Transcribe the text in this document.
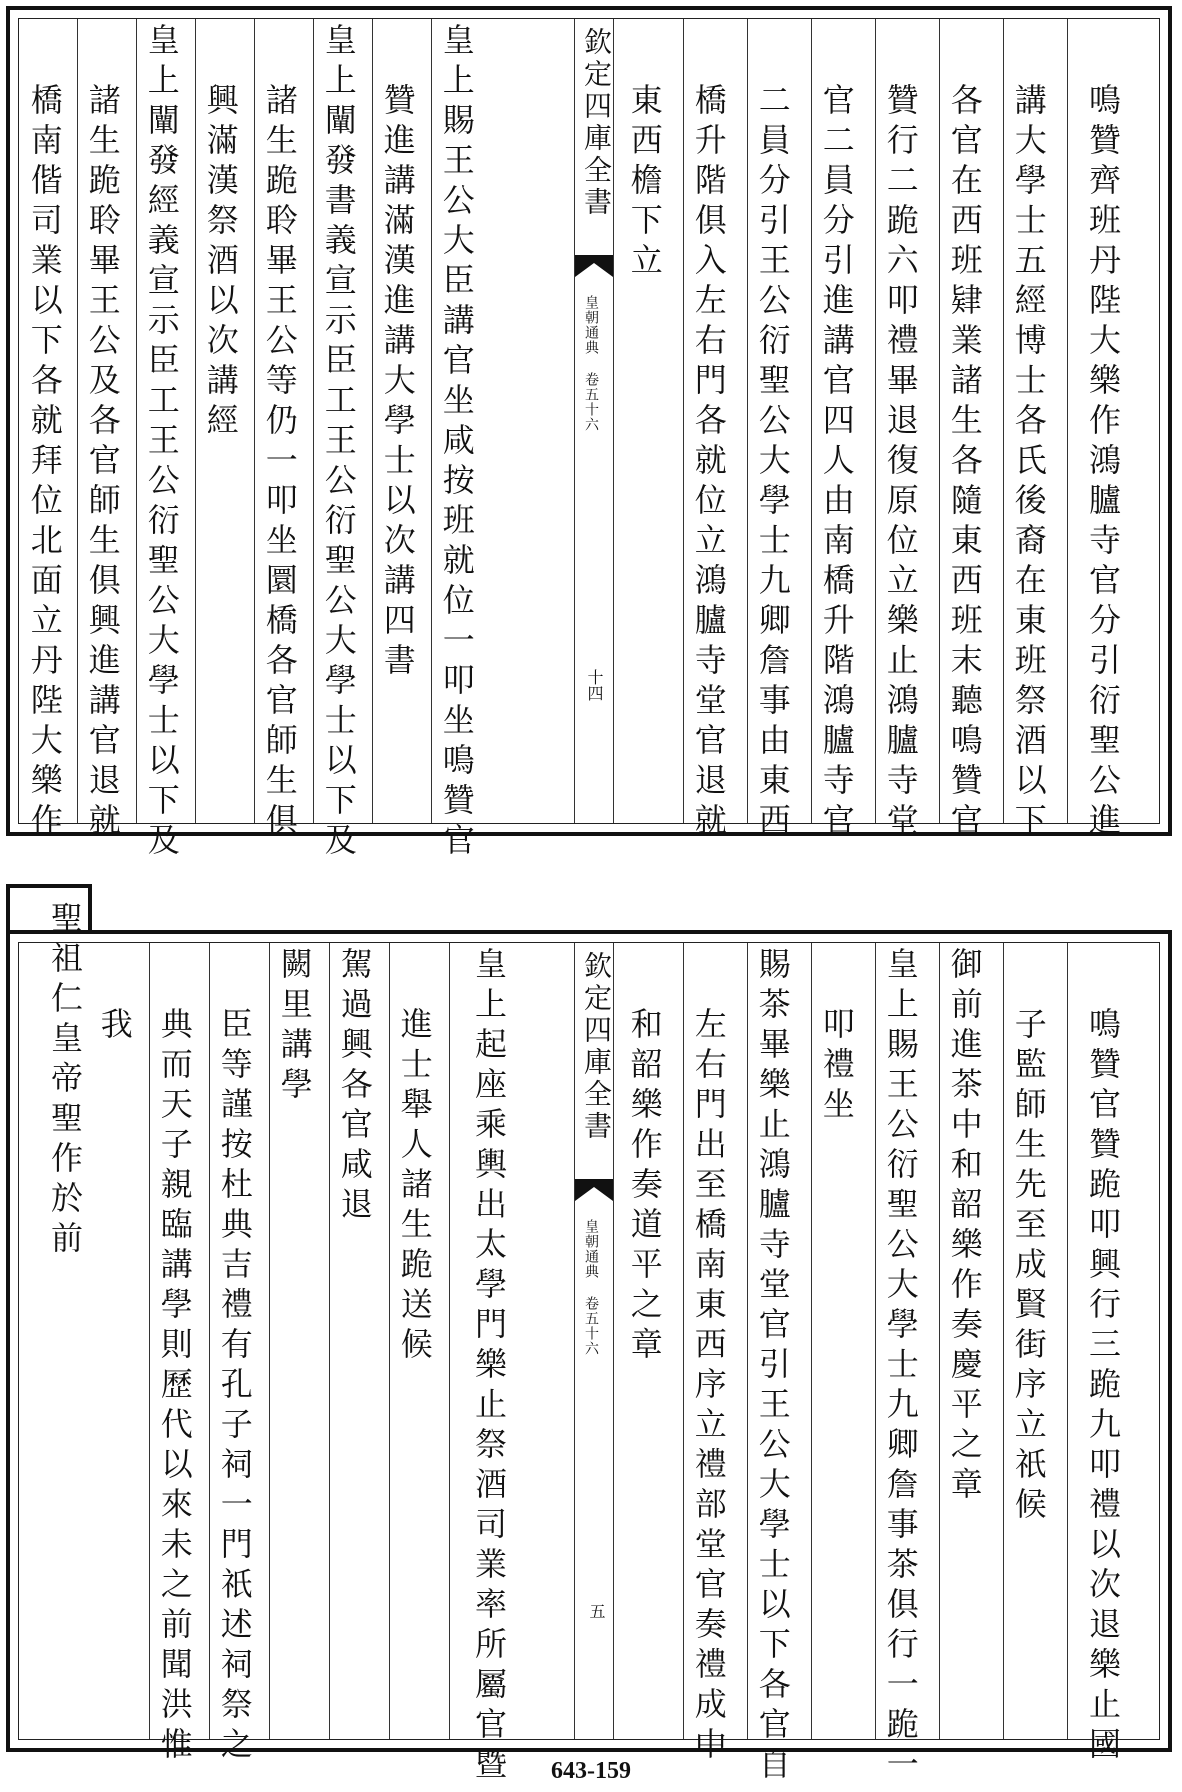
橋南偕司業以下各就拜位北面立丹陛大樂作 諸生跪聆畢王公及各官師生俱興進講官退就 皇上闡發經義宣示臣工王公衍聖公大學士以下及 興滿漢祭酒以次講經 諸生跪聆畢王公等仍一叩坐圜橋各官師生俱 皇上闡發書義宣示臣工王公衍聖公大學士以下及 贊進講滿漢進講大學士以次講四書 皇上賜王公大臣講官坐咸按班就位一叩坐鳴贊官	欽定四庫全書
皇朝通典 卷五十六
十四
東西檐下立 橋升階俱入左右門各就位立鴻臚寺堂官退就 二員分引王公衍聖公大學士九卿詹事由東西 官二員分引進講官四人由南橋升階鴻臚寺官 贊行二跪六叩禮畢退復原位立樂止鴻臚寺堂 各官在西班肄業諸生各隨東西班末聽鳴贊官 講大學士五經博士各氏後裔在東班祭酒以下	鳴贊齊班丹陛大樂作鴻臚寺官分引衍聖公進
聖祖仁皇帝聖作於前 我 典而天子親臨講學則歷代以來未之前聞洪惟 臣等謹按杜典吉禮有孔子祠一門祇述祠祭之 闕里講學 駕過興各官咸退 進士舉人諸生跪送候	皇上起座乘輿出太學門樂止祭酒司業率所屬官暨	欽定四庫全書
皇朝通典 卷五十六
五
和韶樂作奏道平之章 左右門出至橋南東西序立禮部堂官奏禮成中 賜茶畢樂止鴻臚寺堂官引王公大學士以下各官自 叩禮坐 皇上賜王公衍聖公大學士九卿詹事茶俱行一跪一 御前進茶中和韶樂作奏慶平之章 子監師生先至成賢街序立祇候	鳴贊官贊跪叩興行三跪九叩禮以次退樂止國
643-159
